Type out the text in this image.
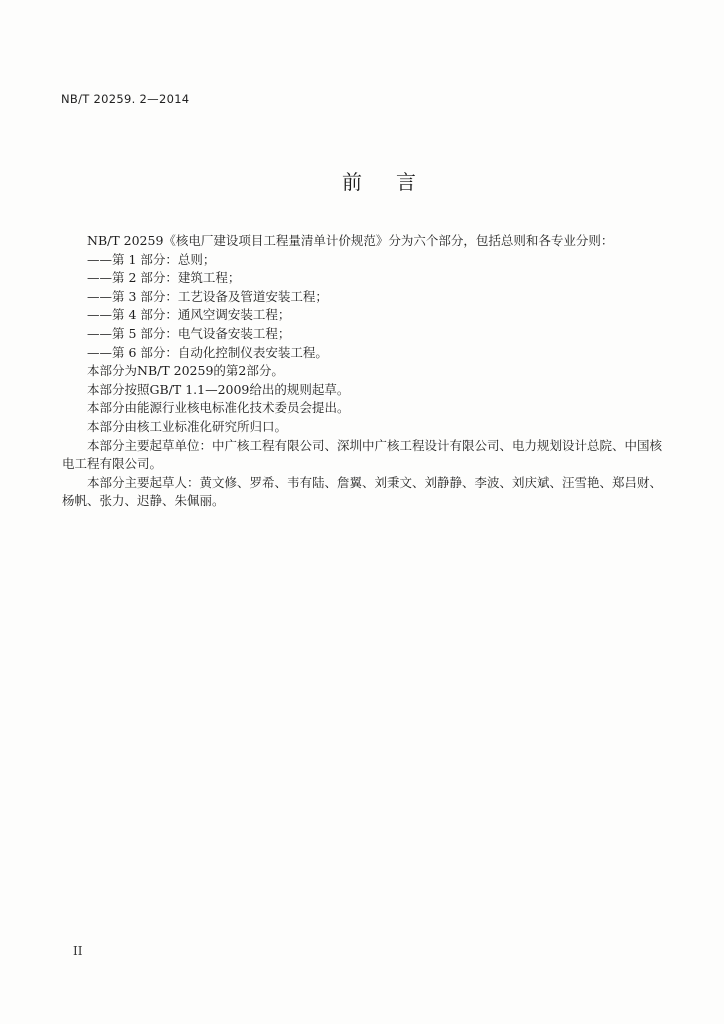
NB/T 20259. 2—2014
前言

NB/T 20259《核电厂建设项目工程量清单计价规范》分为六个部分，包括总则和各专业分则：

——第 1 部分：总则；

——第 2 部分：建筑工程；

——第 3 部分：工艺设备及管道安装工程；

——第 4 部分：通风空调安装工程；

——第 5 部分：电气设备安装工程；

——第 6 部分：自动化控制仪表安装工程。

本部分为NB/T 20259的第2部分。

本部分按照GB/T 1.1—2009给出的规则起草。

本部分由能源行业核电标准化技术委员会提出。

本部分由核工业标准化研究所归口。

本部分主要起草单位：中广核工程有限公司、深圳中广核工程设计有限公司、电力规划设计总院、中国核电工程有限公司。

本部分主要起草人：黄文修、罗希、韦有陆、詹翼、刘秉文、刘静静、李波、刘庆斌、汪雪艳、郑吕财、杨帆、张力、迟静、朱佩丽。

II
